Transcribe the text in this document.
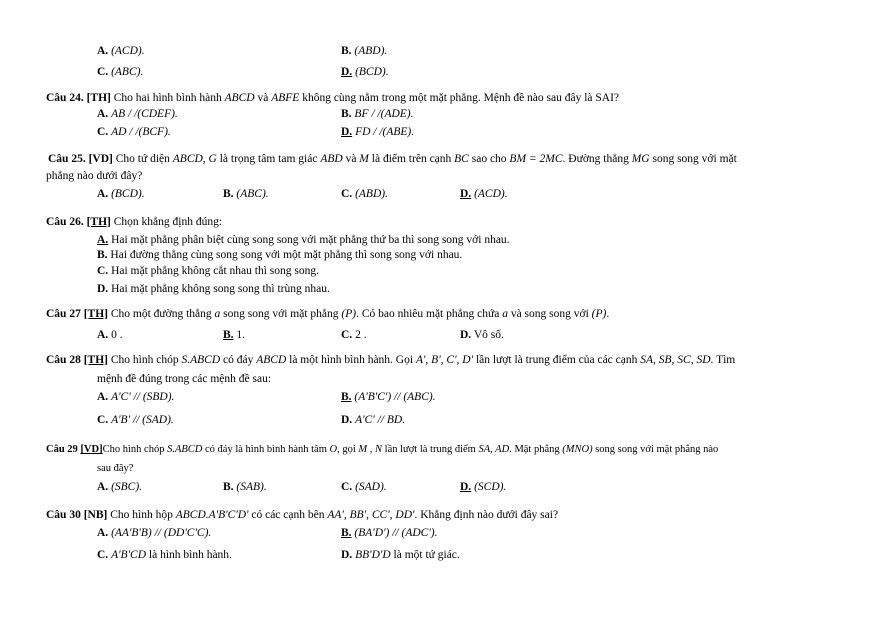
A. (ACD).	B. (ABD).
C. (ABC).	D. (BCD).
Câu 24. [TH] Cho hai hình bình hành ABCD và ABFE không cùng nằm trong một mặt phẳng. Mệnh đề nào sau đây là SAI?
A. AB / /(CDEF).	B. BF / /(ADE).
C. AD / /(BCF).	D. FD / /(ABE).
Câu 25. [VD] Cho tứ diện ABCD, G là trọng tâm tam giác ABD và M là điểm trên cạnh BC sao cho BM = 2MC. Đường thẳng MG song song với mặt
phẳng nào dưới đây?
A. (BCD).	B. (ABC).	C. (ABD).	D. (ACD).
Câu 26. [TH] Chọn khẳng định đúng:
A. Hai mặt phẳng phân biệt cùng song song với mặt phẳng thứ ba thì song song với nhau.
B. Hai đường thẳng cùng song song với một mặt phẳng thì song song với nhau.
C. Hai mặt phẳng không cắt nhau thì song song.
D. Hai mặt phẳng không song song thì trùng nhau.
Câu 27 [TH] Cho một đường thẳng a song song với mặt phẳng (P). Có bao nhiêu mặt phẳng chứa a và song song với (P).
A. 0 .	B. 1.	C. 2 .	D. Vô số.
Câu 28 [TH] Cho hình chóp S.ABCD có đáy ABCD là một hình bình hành. Gọi A', B', C', D' lần lượt là trung điểm của các cạnh SA, SB, SC, SD. Tìm
mệnh đề đúng trong các mệnh đề sau:
A. A'C' // (SBD).	B. (A'B'C') // (ABC).
C. A'B' // (SAD).	D. A'C' // BD.
Câu 29 [VD]Cho hình chóp S.ABCD có đáy là hình bình hành tâm O, gọi M , N lần lượt là trung điểm SA, AD. Mặt phẳng (MNO) song song với mặt phẳng nào
sau đây?
A. (SBC).	B. (SAB).	C. (SAD).	D. (SCD).
Câu 30 [NB] Cho hình hộp ABCD.A'B'C'D' có các cạnh bên AA', BB', CC', DD'. Khẳng định nào dưới đây sai?
A. (AA'B'B) // (DD'C'C).	B. (BA'D') // (ADC').
C. A'B'CD là hình bình hành.	D. BB'D'D là một tứ giác.
